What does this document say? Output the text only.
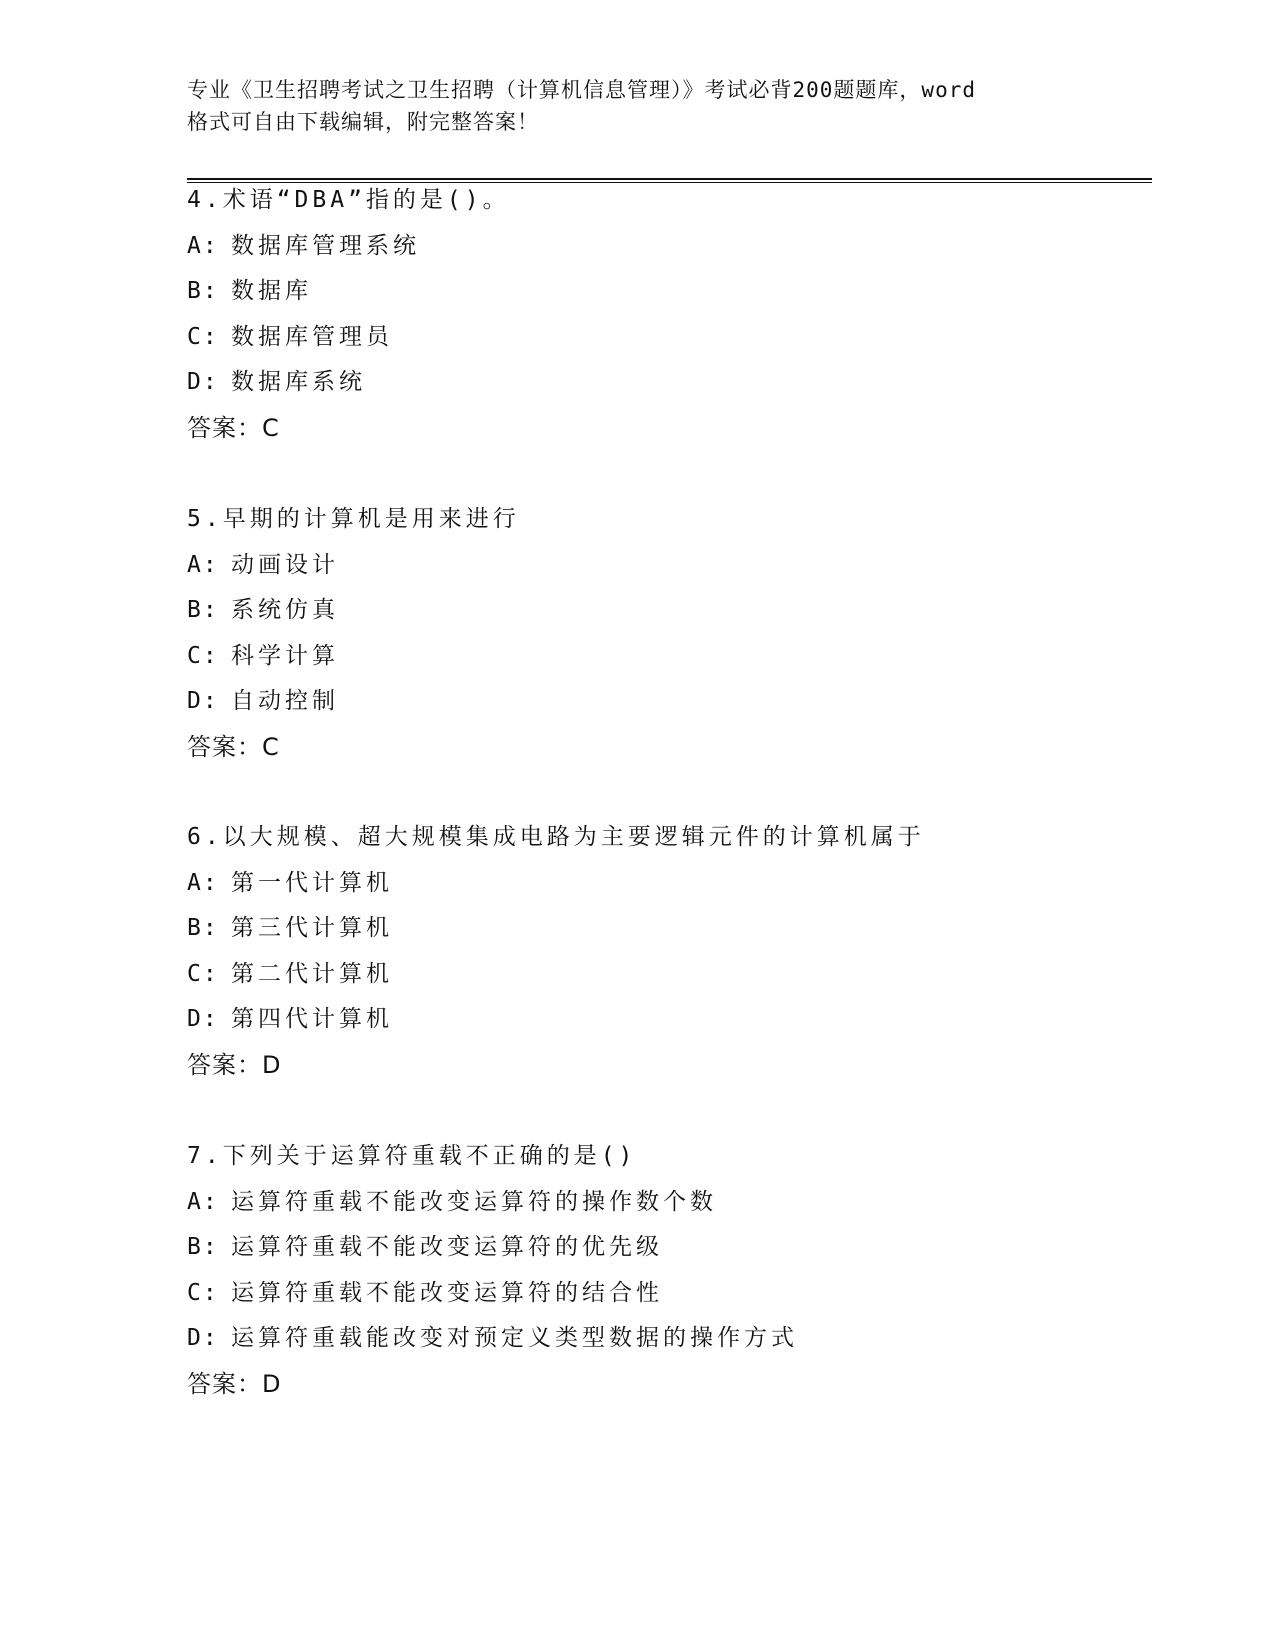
专业《卫生招聘考试之卫生招聘（计算机信息管理）》考试必背200题题库，word
格式可自由下载编辑，附完整答案！
4.术语“DBA”指的是()。
A: 数据库管理系统
B: 数据库
C: 数据库管理员
D: 数据库系统
答案：C
5.早期的计算机是用来进行
A: 动画设计
B: 系统仿真
C: 科学计算
D: 自动控制
答案：C
6.以大规模、超大规模集成电路为主要逻辑元件的计算机属于
A: 第一代计算机
B: 第三代计算机
C: 第二代计算机
D: 第四代计算机
答案：D
7.下列关于运算符重载不正确的是()
A: 运算符重载不能改变运算符的操作数个数
B: 运算符重载不能改变运算符的优先级
C: 运算符重载不能改变运算符的结合性
D: 运算符重载能改变对预定义类型数据的操作方式
答案：D
